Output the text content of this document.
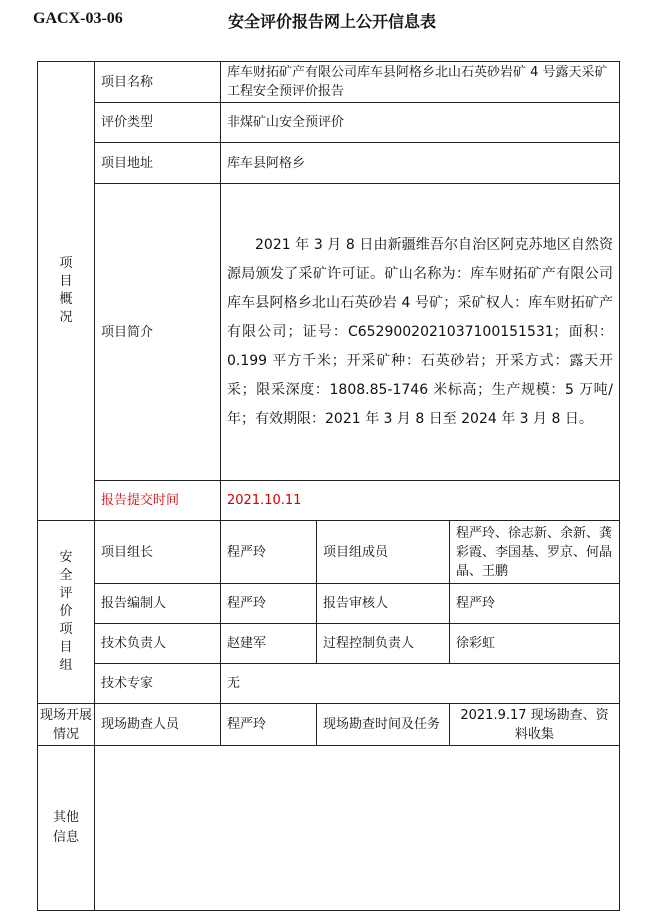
GACX-03-06	安全评价报告网上公开信息表
项目概况	项目名称	库车财拓矿产有限公司库车县阿格乡北山石英砂岩矿 4 号露天采矿工程安全预评价报告		
	评价类型	非煤矿山安全预评价		
	项目地址	库车县阿格乡		
	项目简介	2021 年 3 月 8 日由新疆维吾尔自治区阿克苏地区自然资源局颁发了采矿许可证。矿山名称为：库车财拓矿产有限公司库车县阿格乡北山石英砂岩 4 号矿；采矿权人：库车财拓矿产有限公司；证号：C6529002021037100151531；面积：0.199 平方千米；开采矿种：石英砂岩；开采方式：露天开采；限采深度：1808.85-1746 米标高；生产规模：5 万吨/年；有效期限：2021 年 3 月 8 日至 2024 年 3 月 8 日。		

	报告提交时间	2021.10.11		

安全评价项目组	项目组长	程严玲	项目组成员	程严玲、徐志新、余新、龚彩霞、李国基、罗京、何晶晶、王鹏
	报告编制人	程严玲	报告审核人	程严玲
	技术负责人	赵建军	过程控制负责人	徐彩虹
	技术专家	无		

现场开展情况	现场勘查人员	程严玲	现场勘查时间及任务	2021.9.17 现场勘查、资料收集

其他信息				
